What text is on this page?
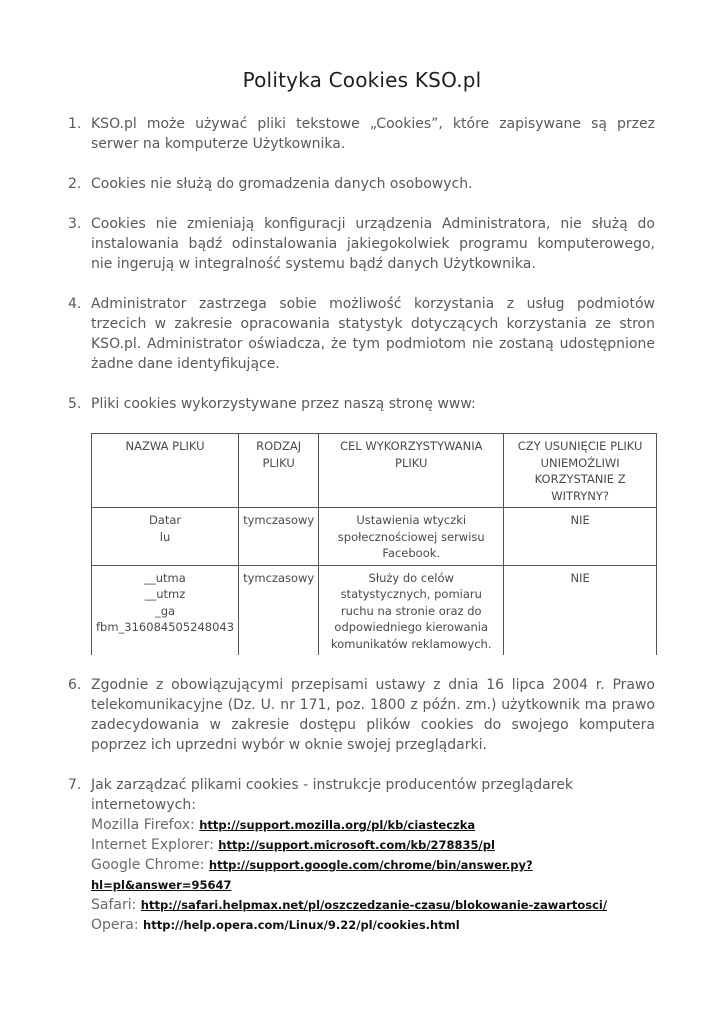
Polityka Cookies KSO.pl
1. KSO.pl może używać pliki tekstowe „Cookies”, które zapisywane są przez serwer na komputerze Użytkownika.
2. Cookies nie służą do gromadzenia danych osobowych.
3. Cookies nie zmieniają konfiguracji urządzenia Administratora, nie służą do instalowania bądź odinstalowania jakiegokolwiek programu komputerowego, nie ingerują w integralność systemu bądź danych Użytkownika.
4. Administrator zastrzega sobie możliwość korzystania z usług podmiotów trzecich w zakresie opracowania statystyk dotyczących korzystania ze stron KSO.pl. Administrator oświadcza, że tym podmiotom nie zostaną udostępnione żadne dane identyfikujące.
5. Pliki cookies wykorzystywane przez naszą stronę www:
NAZWA PLIKU	RODZAJ PLIKU	CEL WYKORZYSTYWANIA PLIKU	CZY USUNIĘCIE PLIKU UNIEMOŻLIWI KORZYSTANIE Z WITRYNY?

Datar
lu	tymczasowy	Ustawienia wtyczki społecznościowej serwisu Facebook.	NIE

__utma
__utmz
_ga
fbm_316084505248043	tymczasowy	Służy do celów statystycznych, pomiaru ruchu na stronie oraz do odpowiedniego kierowania komunikatów reklamowych.	NIE
6. Zgodnie z obowiązującymi przepisami ustawy z dnia 16 lipca 2004 r. Prawo telekomunikacyjne (Dz. U. nr 171, poz. 1800 z późn. zm.) użytkownik ma prawo zadecydowania w zakresie dostępu plików cookies do swojego komputera poprzez ich uprzedni wybór w oknie swojej przeglądarki.
7. Jak zarządzać plikami cookies - instrukcje producentów przeglądarek internetowych:
Mozilla Firefox: http://support.mozilla.org/pl/kb/ciasteczka
Internet Explorer: http://support.microsoft.com/kb/278835/pl
Google Chrome: http://support.google.com/chrome/bin/answer.py?hl=pl&answer=95647
Safari: http://safari.helpmax.net/pl/oszczedzanie-czasu/blokowanie-zawartosci/
Opera: http://help.opera.com/Linux/9.22/pl/cookies.html
